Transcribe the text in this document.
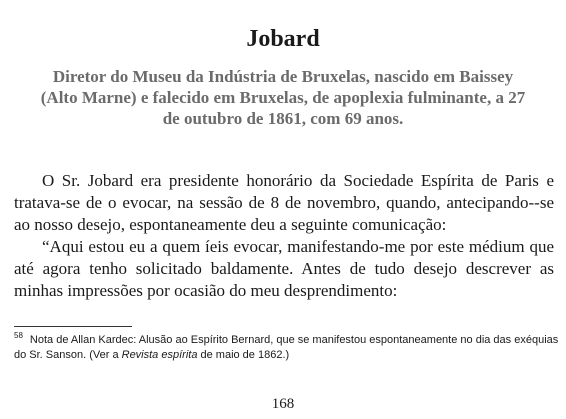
Jobard
Diretor do Museu da Indústria de Bruxelas, nascido em Baissey (Alto Marne) e falecido em Bruxelas, de apoplexia fulminante, a 27 de outubro de 1861, com 69 anos.

O Sr. Jobard era presidente honorário da Sociedade Espírita de Paris e tratava-se de o evocar, na sessão de 8 de novembro, quando, antecipando--se ao nosso desejo, espontaneamente deu a seguinte comunicação:

“Aqui estou eu a quem íeis evocar, manifestando-me por este médium que até agora tenho solicitado baldamente. Antes de tudo desejo descrever as minhas impressões por ocasião do meu desprendimento:

$^{58}$ Nota de Allan Kardec: Alusão ao Espírito Bernard, que se manifestou espontaneamente no dia das exéquias do Sr. Sanson. (Ver a Revista espírita de maio de 1862.)
168
